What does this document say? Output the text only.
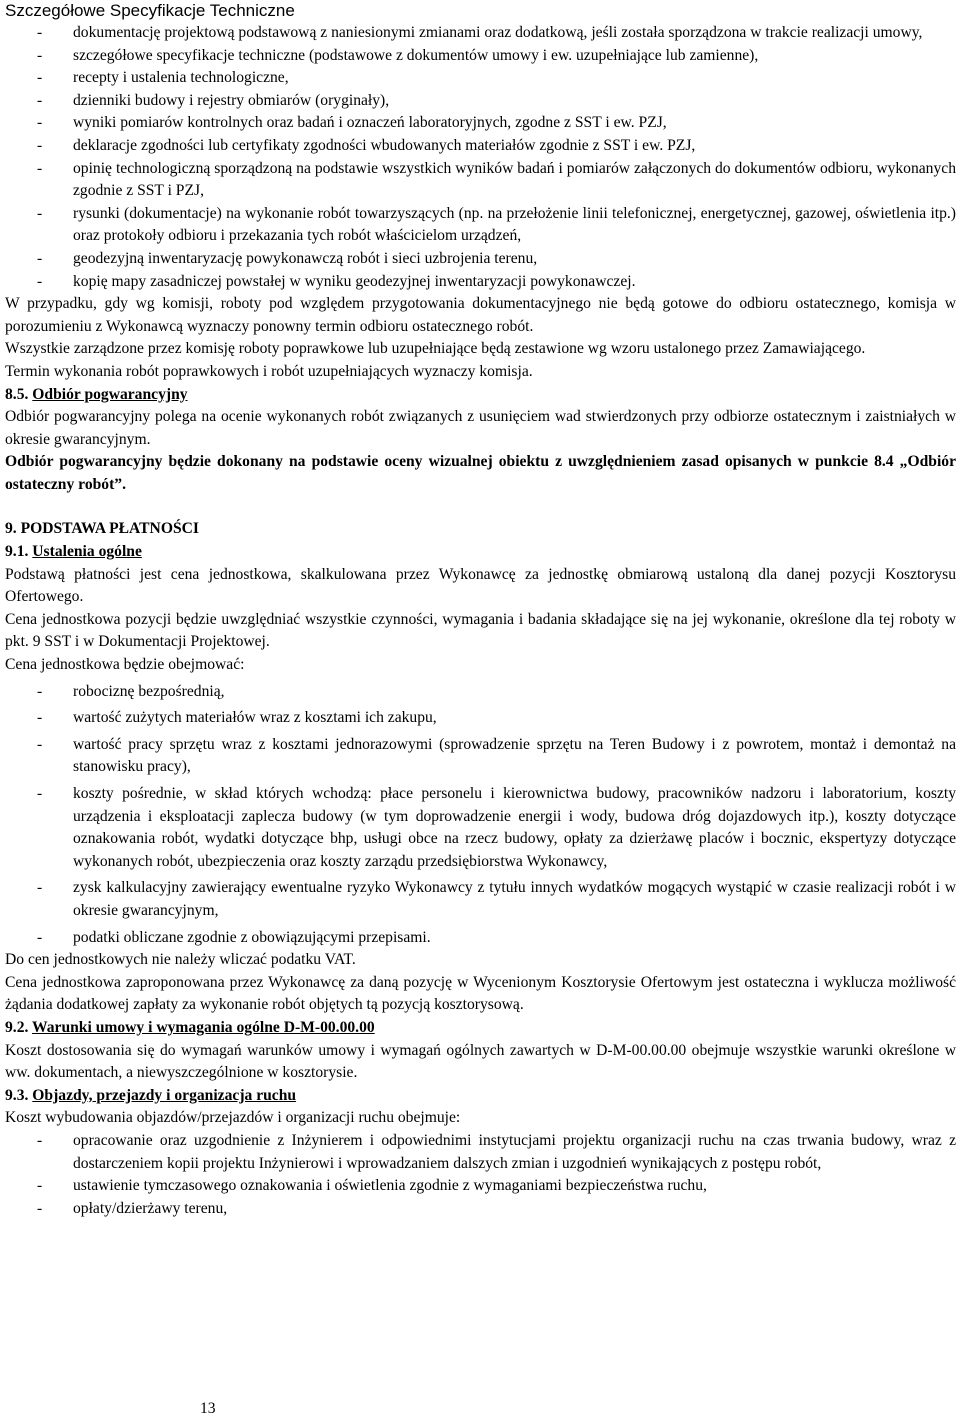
Szczegółowe Specyfikacje Techniczne
-	dokumentację projektową podstawową z naniesionymi zmianami oraz dodatkową, jeśli została sporządzona w trakcie realizacji umowy,
-	szczegółowe specyfikacje techniczne (podstawowe z dokumentów umowy i ew. uzupełniające lub zamienne),
-	recepty i ustalenia technologiczne,
-	dzienniki budowy i rejestry obmiarów (oryginały),
-	wyniki pomiarów kontrolnych oraz badań i oznaczeń laboratoryjnych, zgodne z SST i ew. PZJ,
-	deklaracje zgodności lub certyfikaty zgodności wbudowanych materiałów zgodnie z SST i ew. PZJ,
-	opinię technologiczną sporządzoną na podstawie wszystkich wyników badań i pomiarów załączonych do dokumentów odbioru, wykonanych zgodnie z SST i PZJ,
-	rysunki (dokumentacje) na wykonanie robót towarzyszących (np. na przełożenie linii telefonicznej, energetycznej, gazowej, oświetlenia itp.) oraz protokoły odbioru i przekazania tych robót właścicielom urządzeń,
-	geodezyjną inwentaryzację powykonawczą robót i sieci uzbrojenia terenu,
-	kopię mapy zasadniczej powstałej w wyniku geodezyjnej inwentaryzacji powykonawczej.

W przypadku, gdy wg komisji, roboty pod względem przygotowania dokumentacyjnego nie będą gotowe do odbioru ostatecznego, komisja w porozumieniu z Wykonawcą wyznaczy ponowny termin odbioru ostatecznego robót.

Wszystkie zarządzone przez komisję roboty poprawkowe lub uzupełniające będą zestawione wg wzoru ustalonego przez Zamawiającego.

Termin wykonania robót poprawkowych i robót uzupełniających wyznaczy komisja.

8.5. Odbiór pogwarancyjny

Odbiór pogwarancyjny polega na ocenie wykonanych robót związanych z usunięciem wad stwierdzonych przy odbiorze ostatecznym i zaistniałych w okresie gwarancyjnym.

Odbiór pogwarancyjny będzie dokonany na podstawie oceny wizualnej obiektu z uwzględnieniem zasad opisanych w punkcie 8.4 „Odbiór ostateczny robót”.

9. PODSTAWA PŁATNOŚCI

9.1. Ustalenia ogólne

Podstawą płatności jest cena jednostkowa, skalkulowana przez Wykonawcę za jednostkę obmiarową ustaloną dla danej pozycji Kosztorysu Ofertowego.

Cena jednostkowa pozycji będzie uwzględniać wszystkie czynności, wymagania i badania składające się na jej wykonanie, określone dla tej roboty w pkt. 9 SST i w Dokumentacji Projektowej.

Cena jednostkowa będzie obejmować:

-	robociznę bezpośrednią,
-	wartość zużytych materiałów wraz z kosztami ich zakupu,
-	wartość pracy sprzętu wraz z kosztami jednorazowymi (sprowadzenie sprzętu na Teren Budowy i z powrotem, montaż i demontaż na stanowisku pracy),
-	koszty pośrednie, w skład których wchodzą: płace personelu i kierownictwa budowy, pracowników nadzoru i laboratorium, koszty urządzenia i eksploatacji zaplecza budowy (w tym doprowadzenie energii i wody, budowa dróg dojazdowych itp.), koszty dotyczące oznakowania robót, wydatki dotyczące bhp, usługi obce na rzecz budowy, opłaty za dzierżawę placów i bocznic, ekspertyzy dotyczące wykonanych robót, ubezpieczenia oraz koszty zarządu przedsiębiorstwa Wykonawcy,
-	zysk kalkulacyjny zawierający ewentualne ryzyko Wykonawcy z tytułu innych wydatków mogących wystąpić w czasie realizacji robót i w okresie gwarancyjnym,
-	podatki obliczane zgodnie z obowiązującymi przepisami.

Do cen jednostkowych nie należy wliczać podatku VAT.

Cena jednostkowa zaproponowana przez Wykonawcę za daną pozycję w Wycenionym Kosztorysie Ofertowym jest ostateczna i wyklucza możliwość żądania dodatkowej zapłaty za wykonanie robót objętych tą pozycją kosztorysową.

9.2. Warunki umowy i wymagania ogólne D-M-00.00.00

Koszt dostosowania się do wymagań warunków umowy i wymagań ogólnych zawartych w D-M-00.00.00 obejmuje wszystkie warunki określone w ww. dokumentach, a niewyszczególnione w kosztorysie.

9.3. Objazdy, przejazdy i organizacja ruchu

Koszt wybudowania objazdów/przejazdów i organizacji ruchu obejmuje:

-	opracowanie oraz uzgodnienie z Inżynierem i odpowiednimi instytucjami projektu organizacji ruchu na czas trwania budowy, wraz z dostarczeniem kopii projektu Inżynierowi i wprowadzaniem dalszych zmian i uzgodnień wynikających z postępu robót,
-	ustawienie tymczasowego oznakowania i oświetlenia zgodnie z wymaganiami bezpieczeństwa ruchu,
-	opłaty/dzierżawy terenu,
13
